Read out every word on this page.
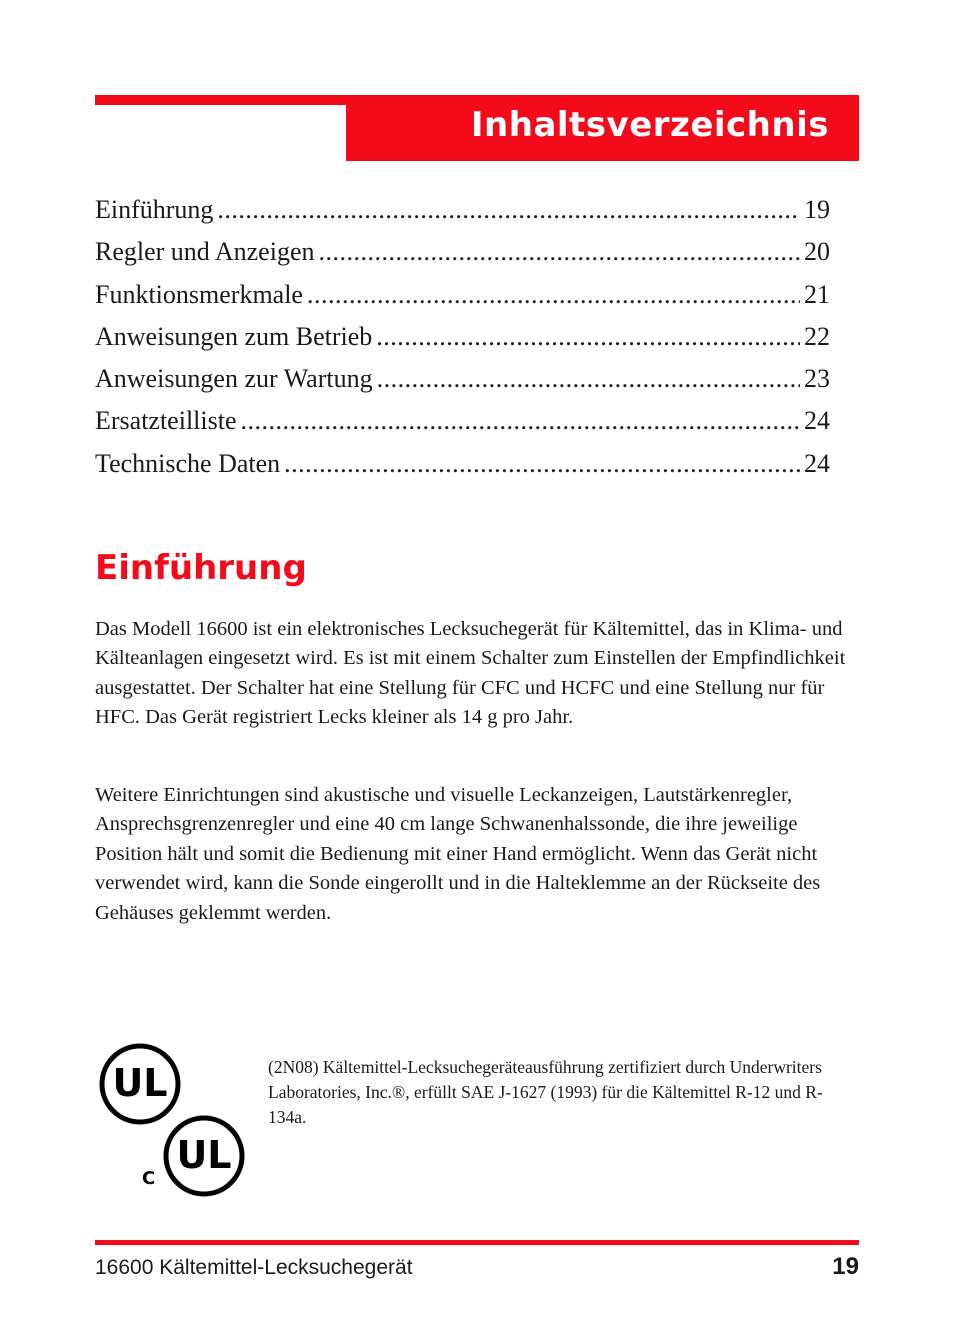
Inhaltsverzeichnis
Einführung .....	19
Regler und Anzeigen .....	20
Funktionsmerkmale .....	21
Anweisungen zum Betrieb .....	22
Anweisungen zur Wartung .....	23
Ersatzteilliste .....	24
Technische Daten .....	24
Einführung

Das Modell 16600 ist ein elektronisches Lecksuchegerät für Kältemittel, das in Klima- und Kälteanlagen eingesetzt wird. Es ist mit einem Schalter zum Einstellen der Empfindlichkeit ausgestattet. Der Schalter hat eine Stellung für CFC und HCFC und eine Stellung nur für HFC. Das Gerät registriert Lecks kleiner als 14 g pro Jahr.

Weitere Einrichtungen sind akustische und visuelle Leckanzeigen, Lautstärkenregler, Ansprechsgrenzenregler und eine 40 cm lange Schwanenhalssonde, die ihre jeweilige Position hält und somit die Bedienung mit einer Hand ermöglicht. Wenn das Gerät nicht verwendet wird, kann die Sonde eingerollt und in die Halteklemme an der Rückseite des Gehäuses geklemmt werden.

UL
C
UL

(2N08) Kältemittel-Lecksuchegeräteausführung zertifiziert durch Underwriters Laboratories, Inc.®, erfüllt SAE J-1627 (1993) für die Kältemittel R-12 und R-134a.

16600 Kältemittel-Lecksuchegerät	19
